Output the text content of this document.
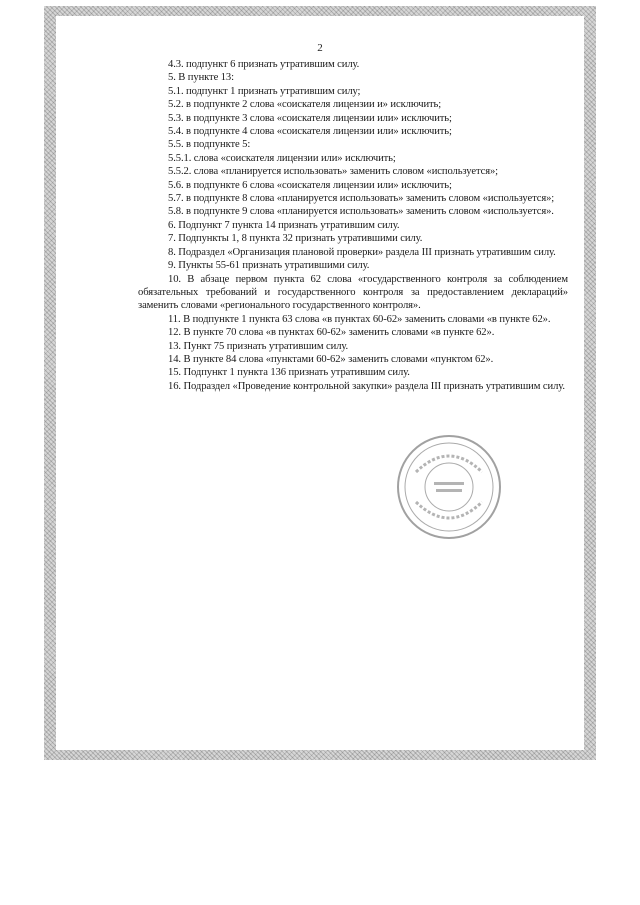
2

4.3. подпункт 6 признать утратившим силу.

5. В пункте 13:

5.1. подпункт 1 признать утратившим силу;

5.2. в подпункте 2 слова «соискателя лицензии и» исключить;

5.3. в подпункте 3 слова «соискателя лицензии или» исключить;

5.4. в подпункте 4 слова «соискателя лицензии или» исключить;

5.5. в подпункте 5:

5.5.1. слова «соискателя лицензии или» исключить;

5.5.2. слова «планируется использовать» заменить словом «используется»;

5.6. в подпункте 6 слова «соискателя лицензии или» исключить;

5.7. в подпункте 8 слова «планируется использовать» заменить словом «используется»;

5.8. в подпункте 9 слова «планируется использовать» заменить словом «используется».

6. Подпункт 7 пункта 14 признать утратившим силу.

7. Подпункты 1, 8 пункта 32 признать утратившими силу.

8. Подраздел «Организация плановой проверки» раздела III признать утратившим силу.

9. Пункты 55-61 признать утратившими силу.

10. В абзаце первом пункта 62 слова «государственного контроля за соблюдением обязательных требований и государственного контроля за предоставлением деклараций» заменить словами «регионального государственного контроля».

11. В подпункте 1 пункта 63 слова «в пунктах 60-62» заменить словами «в пункте 62».

12. В пункте 70 слова «в пунктах 60-62» заменить словами «в пункте 62».

13. Пункт 75 признать утратившим силу.

14. В пункте 84 слова «пунктами 60-62» заменить словами «пунктом 62».

15. Подпункт 1 пункта 136 признать утратившим силу.

16. Подраздел «Проведение контрольной закупки» раздела III признать утратившим силу.
